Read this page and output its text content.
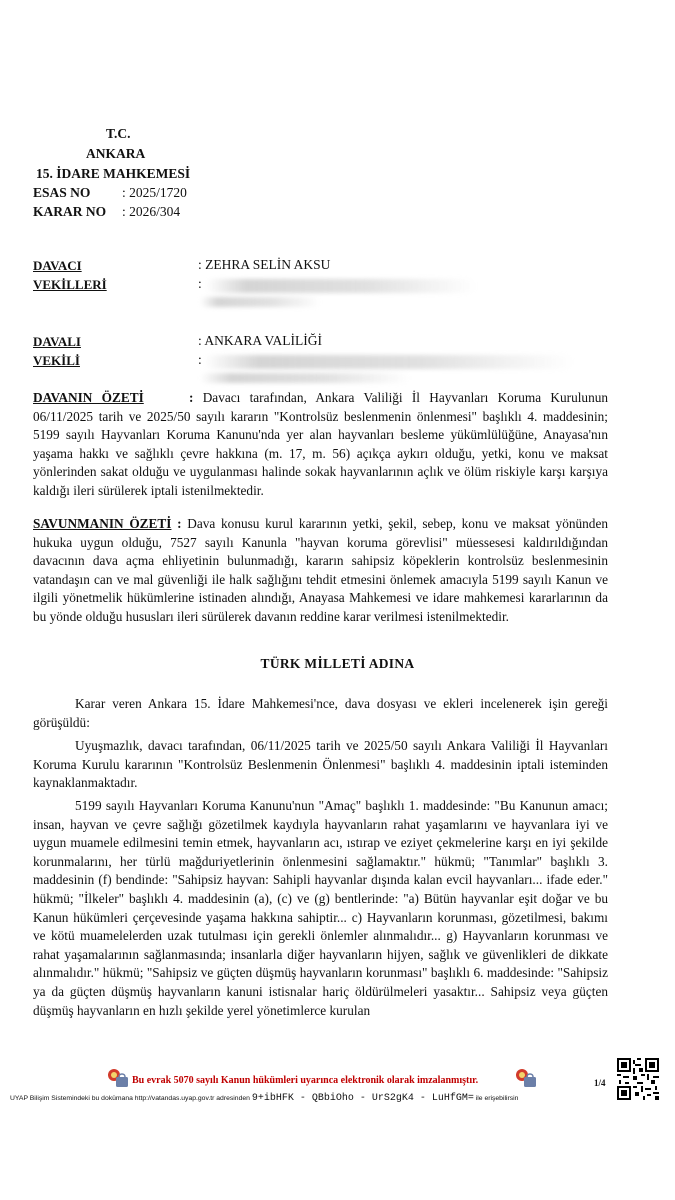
T.C.
ANKARA
15. İDARE MAHKEMESİ
ESAS NO : 2025/1720
KARAR NO : 2026/304
DAVACI	: ZEHRA SELİN AKSU
VEKİLLERİ	:
DAVALI	: ANKARA VALİLİĞİ
VEKİLİ	:
DAVANIN ÖZETİ	: Davacı tarafından, Ankara Valiliği İl Hayvanları Koruma Kurulunun 06/11/2025 tarih ve 2025/50 sayılı kararın "Kontrolsüz beslenmenin önlenmesi" başlıklı 4. maddesinin; 5199 sayılı Hayvanları Koruma Kanunu'nda yer alan hayvanları besleme yükümlülüğüne, Anayasa'nın yaşama hakkı ve sağlıklı çevre hakkına (m. 17, m. 56) açıkça aykırı olduğu, yetki, konu ve maksat yönlerinden sakat olduğu ve uygulanması halinde sokak hayvanlarının açlık ve ölüm riskiyle karşı karşıya kaldığı ileri sürülerek iptali istenilmektedir.
SAVUNMANIN ÖZETİ : Dava konusu kurul kararının yetki, şekil, sebep, konu ve maksat yönünden hukuka uygun olduğu, 7527 sayılı Kanunla "hayvan koruma görevlisi" müessesesi kaldırıldığından davacının dava açma ehliyetinin bulunmadığı, kararın sahipsiz köpeklerin kontrolsüz beslenmesinin vatandaşın can ve mal güvenliği ile halk sağlığını tehdit etmesini önlemek amacıyla 5199 sayılı Kanun ve ilgili yönetmelik hükümlerine istinaden alındığı, Anayasa Mahkemesi ve idare mahkemesi kararlarının da bu yönde olduğu hususları ileri sürülerek davanın reddine karar verilmesi istenilmektedir.
TÜRK MİLLETİ ADINA
Karar veren Ankara 15. İdare Mahkemesi'nce, dava dosyası ve ekleri incelenerek işin gereği görüşüldü:
Uyuşmazlık, davacı tarafından, 06/11/2025 tarih ve 2025/50 sayılı Ankara Valiliği İl Hayvanları Koruma Kurulu kararının "Kontrolsüz Beslenmenin Önlenmesi" başlıklı 4. maddesinin iptali isteminden kaynaklanmaktadır.
5199 sayılı Hayvanları Koruma Kanunu'nun "Amaç" başlıklı 1. maddesinde: "Bu Kanunun amacı; insan, hayvan ve çevre sağlığı gözetilmek kaydıyla hayvanların rahat yaşamlarını ve hayvanlara iyi ve uygun muamele edilmesini temin etmek, hayvanların acı, ıstırap ve eziyet çekmelerine karşı en iyi şekilde korunmalarını, her türlü mağduriyetlerinin önlenmesini sağlamaktır." hükmü; "Tanımlar" başlıklı 3. maddesinin (f) bendinde: "Sahipsiz hayvan: Sahipli hayvanlar dışında kalan evcil hayvanları... ifade eder." hükmü; "İlkeler" başlıklı 4. maddesinin (a), (c) ve (g) bentlerinde: "a) Bütün hayvanlar eşit doğar ve bu Kanun hükümleri çerçevesinde yaşama hakkına sahiptir... c) Hayvanların korunması, gözetilmesi, bakımı ve kötü muamelelerden uzak tutulması için gerekli önlemler alınmalıdır... g) Hayvanların korunması ve rahat yaşamalarının sağlanmasında; insanlarla diğer hayvanların hijyen, sağlık ve güvenlikleri de dikkate alınmalıdır." hükmü; "Sahipsiz ve güçten düşmüş hayvanların korunması" başlıklı 6. maddesinde: "Sahipsiz ya da güçten düşmüş hayvanların kanuni istisnalar hariç öldürülmeleri yasaktır... Sahipsiz veya güçten düşmüş hayvanların en hızlı şekilde yerel yönetimlerce kurulan
Bu evrak 5070 sayılı Kanun hükümleri uyarınca elektronik olarak imzalanmıştır.	1/4
UYAP Bilişim Sistemindeki bu dokümana http://vatandas.uyap.gov.tr adresinden 9+ibHFK - QBbiOho - UrS2gK4 - LuHfGM= ile erişebilirsin
